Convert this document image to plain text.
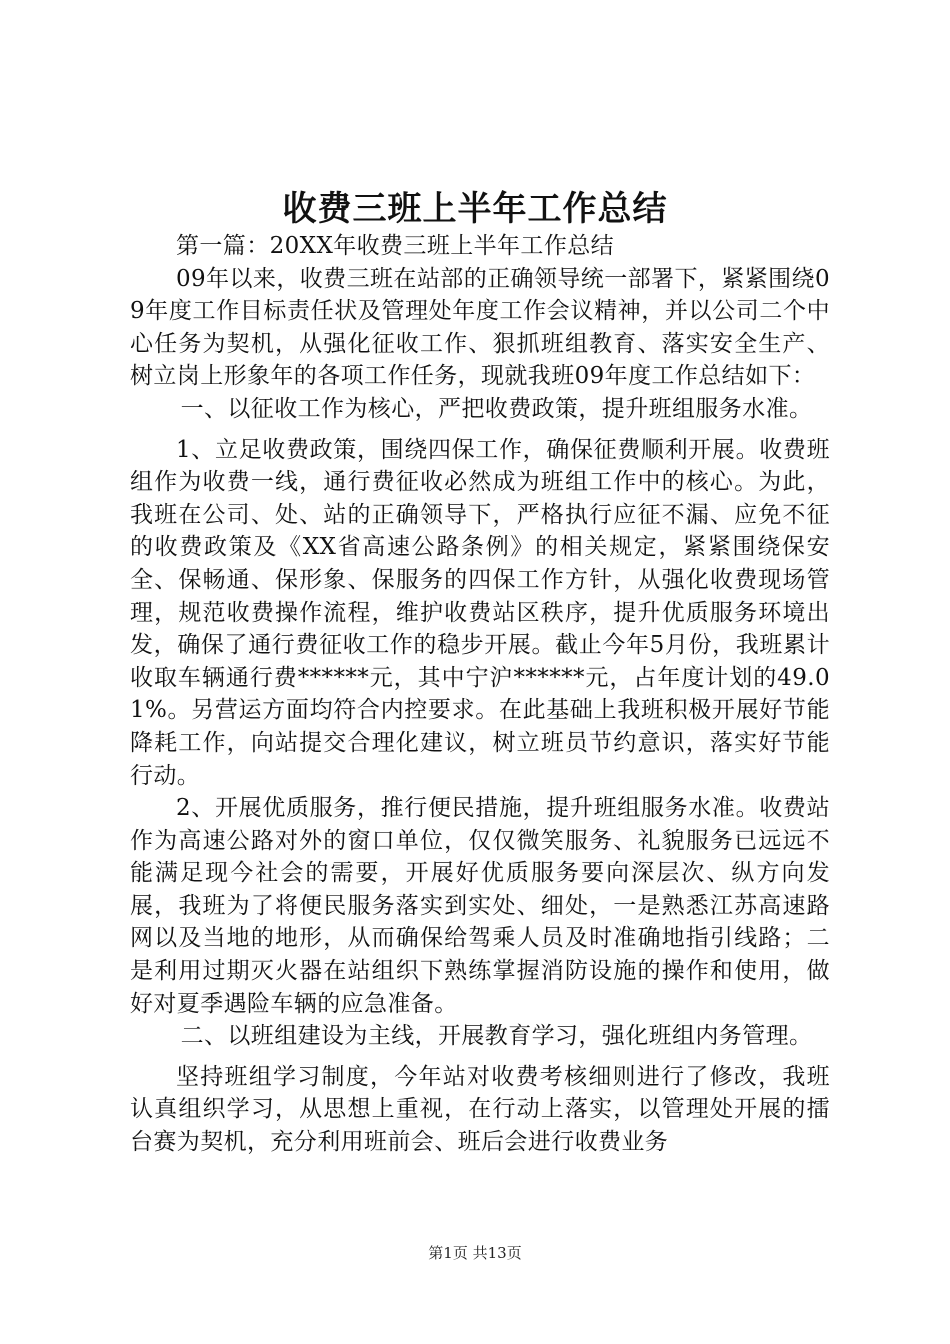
收费三班上半年工作总结

第一篇：20XX年收费三班上半年工作总结

09年以来，收费三班在站部的正确领导统一部署下，紧紧围绕09年度工作目标责任状及管理处年度工作会议精神，并以公司二个中心任务为契机，从强化征收工作、狠抓班组教育、落实安全生产、树立岗上形象年的各项工作任务，现就我班09年度工作总结如下：

一、以征收工作为核心，严把收费政策，提升班组服务水准。

1、立足收费政策，围绕四保工作，确保征费顺利开展。收费班组作为收费一线，通行费征收必然成为班组工作中的核心。为此，我班在公司、处、站的正确领导下，严格执行应征不漏、应免不征的收费政策及《XX省高速公路条例》的相关规定，紧紧围绕保安全、保畅通、保形象、保服务的四保工作方针，从强化收费现场管理，规范收费操作流程，维护收费站区秩序，提升优质服务环境出发，确保了通行费征收工作的稳步开展。截止今年5月份，我班累计收取车辆通行费******元，其中宁沪******元，占年度计划的49.01%。另营运方面均符合内控要求。在此基础上我班积极开展好节能降耗工作，向站提交合理化建议，树立班员节约意识，落实好节能行动。

2、开展优质服务，推行便民措施，提升班组服务水准。收费站作为高速公路对外的窗口单位，仅仅微笑服务、礼貌服务已远远不能满足现今社会的需要，开展好优质服务要向深层次、纵方向发展，我班为了将便民服务落实到实处、细处，一是熟悉江苏高速路网以及当地的地形，从而确保给驾乘人员及时准确地指引线路；二是利用过期灭火器在站组织下熟练掌握消防设施的操作和使用，做好对夏季遇险车辆的应急准备。

二、以班组建设为主线，开展教育学习，强化班组内务管理。

坚持班组学习制度，今年站对收费考核细则进行了修改，我班认真组织学习，从思想上重视，在行动上落实，以管理处开展的擂台赛为契机，充分利用班前会、班后会进行收费业务

第1页 共13页
